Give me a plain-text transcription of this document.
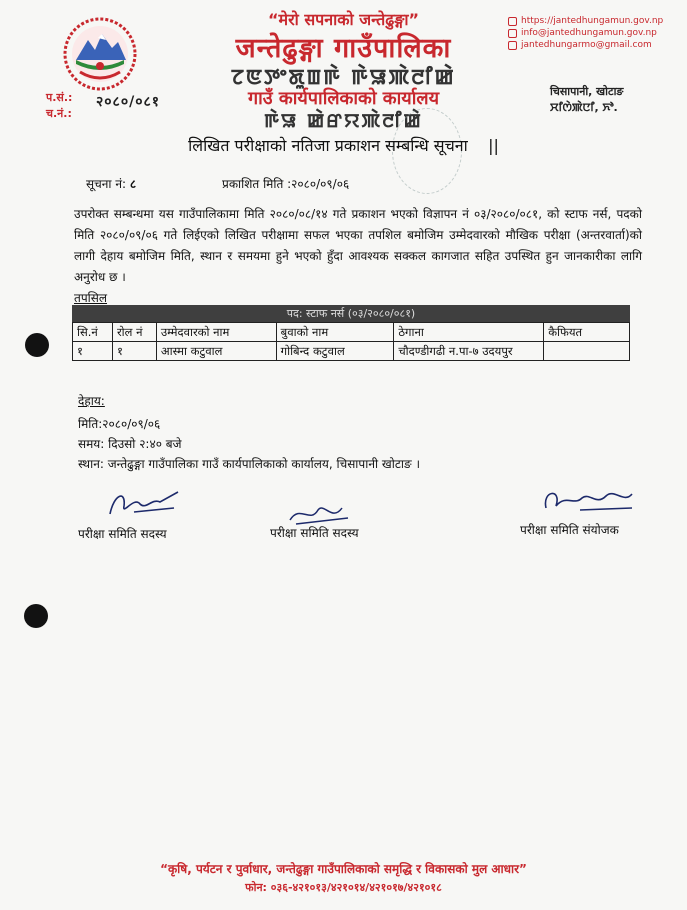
“मेरो सपनाको जन्तेढुङ्गा”
जन्तेढुङ्गा गाउँपालिका
ꯖꯟꯇꯦꯗꯨꯡꯒꯥ ꯒꯥꯎꯄꯥꯂꯤꯀꯥ
गाउँ कार्यपालिकाको कार्यालय
ꯒꯥꯎ ꯀꯥꯔꯌꯄꯥꯂꯤꯀꯥ
https://jantedhungamun.gov.np
info@jantedhungamun.gov.np
jantedhungarmo@gmail.com
प.सं.:
च.नं.:
२०८०/०८१
चिसापानी, खोटाङ
ꯆꯤꯁꯥꯄꯥꯅꯤ, ꯈꯣ.
लिखित परीक्षाको नतिजा प्रकाशन सम्बन्धि सूचना ||
सूचना नं: ८	प्रकाशित मिति :२०८०/०९/०६
उपरोक्त सम्बन्धमा यस गाउँपालिकामा मिति २०८०/०८/१४ गते प्रकाशन भएको विज्ञापन नं ०३/२०८०/०८१, को स्टाफ नर्स, पदको मिति २०८०/०९/०६ गते लिईएको लिखित परीक्षामा सफल भएका तपशिल बमोजिम उम्मेदवारको मौखिक परीक्षा (अन्तरवार्ता)को लागी देहाय बमोजिम मिति, स्थान र समयमा हुने भएको हुँदा आवश्यक सक्कल कागजात सहित उपस्थित हुन जानकारीका लागि अनुरोध छ ।
तपसिल
पद: स्टाफ नर्स (०३/२०८०/०८१)
सि.नं	रोल नं	उम्मेदवारको नाम	बुवाको नाम	ठेगाना	कैफियत
१	१	आस्मा कटुवाल	गोबिन्द कटुवाल	चौदण्डीगढी न.पा-७ उदयपुर	
देहाय:
मिति:२०८०/०९/०६
समय: दिउसो २:४० बजे
स्थान: जन्तेढुङ्गा गाउँपालिका गाउँ कार्यपालिकाको कार्यालय, चिसापानी खोटाङ ।
परीक्षा समिति सदस्य	परीक्षा समिति सदस्य	परीक्षा समिति संयोजक
“कृषि, पर्यटन र पुर्वाधार, जन्तेढुङ्गा गाउँपालिकाको समृद्धि र विकासको मुल आधार”
फोन: ०३६-४२१०१३/४२१०१४/४२१०१७/४२१०१८
